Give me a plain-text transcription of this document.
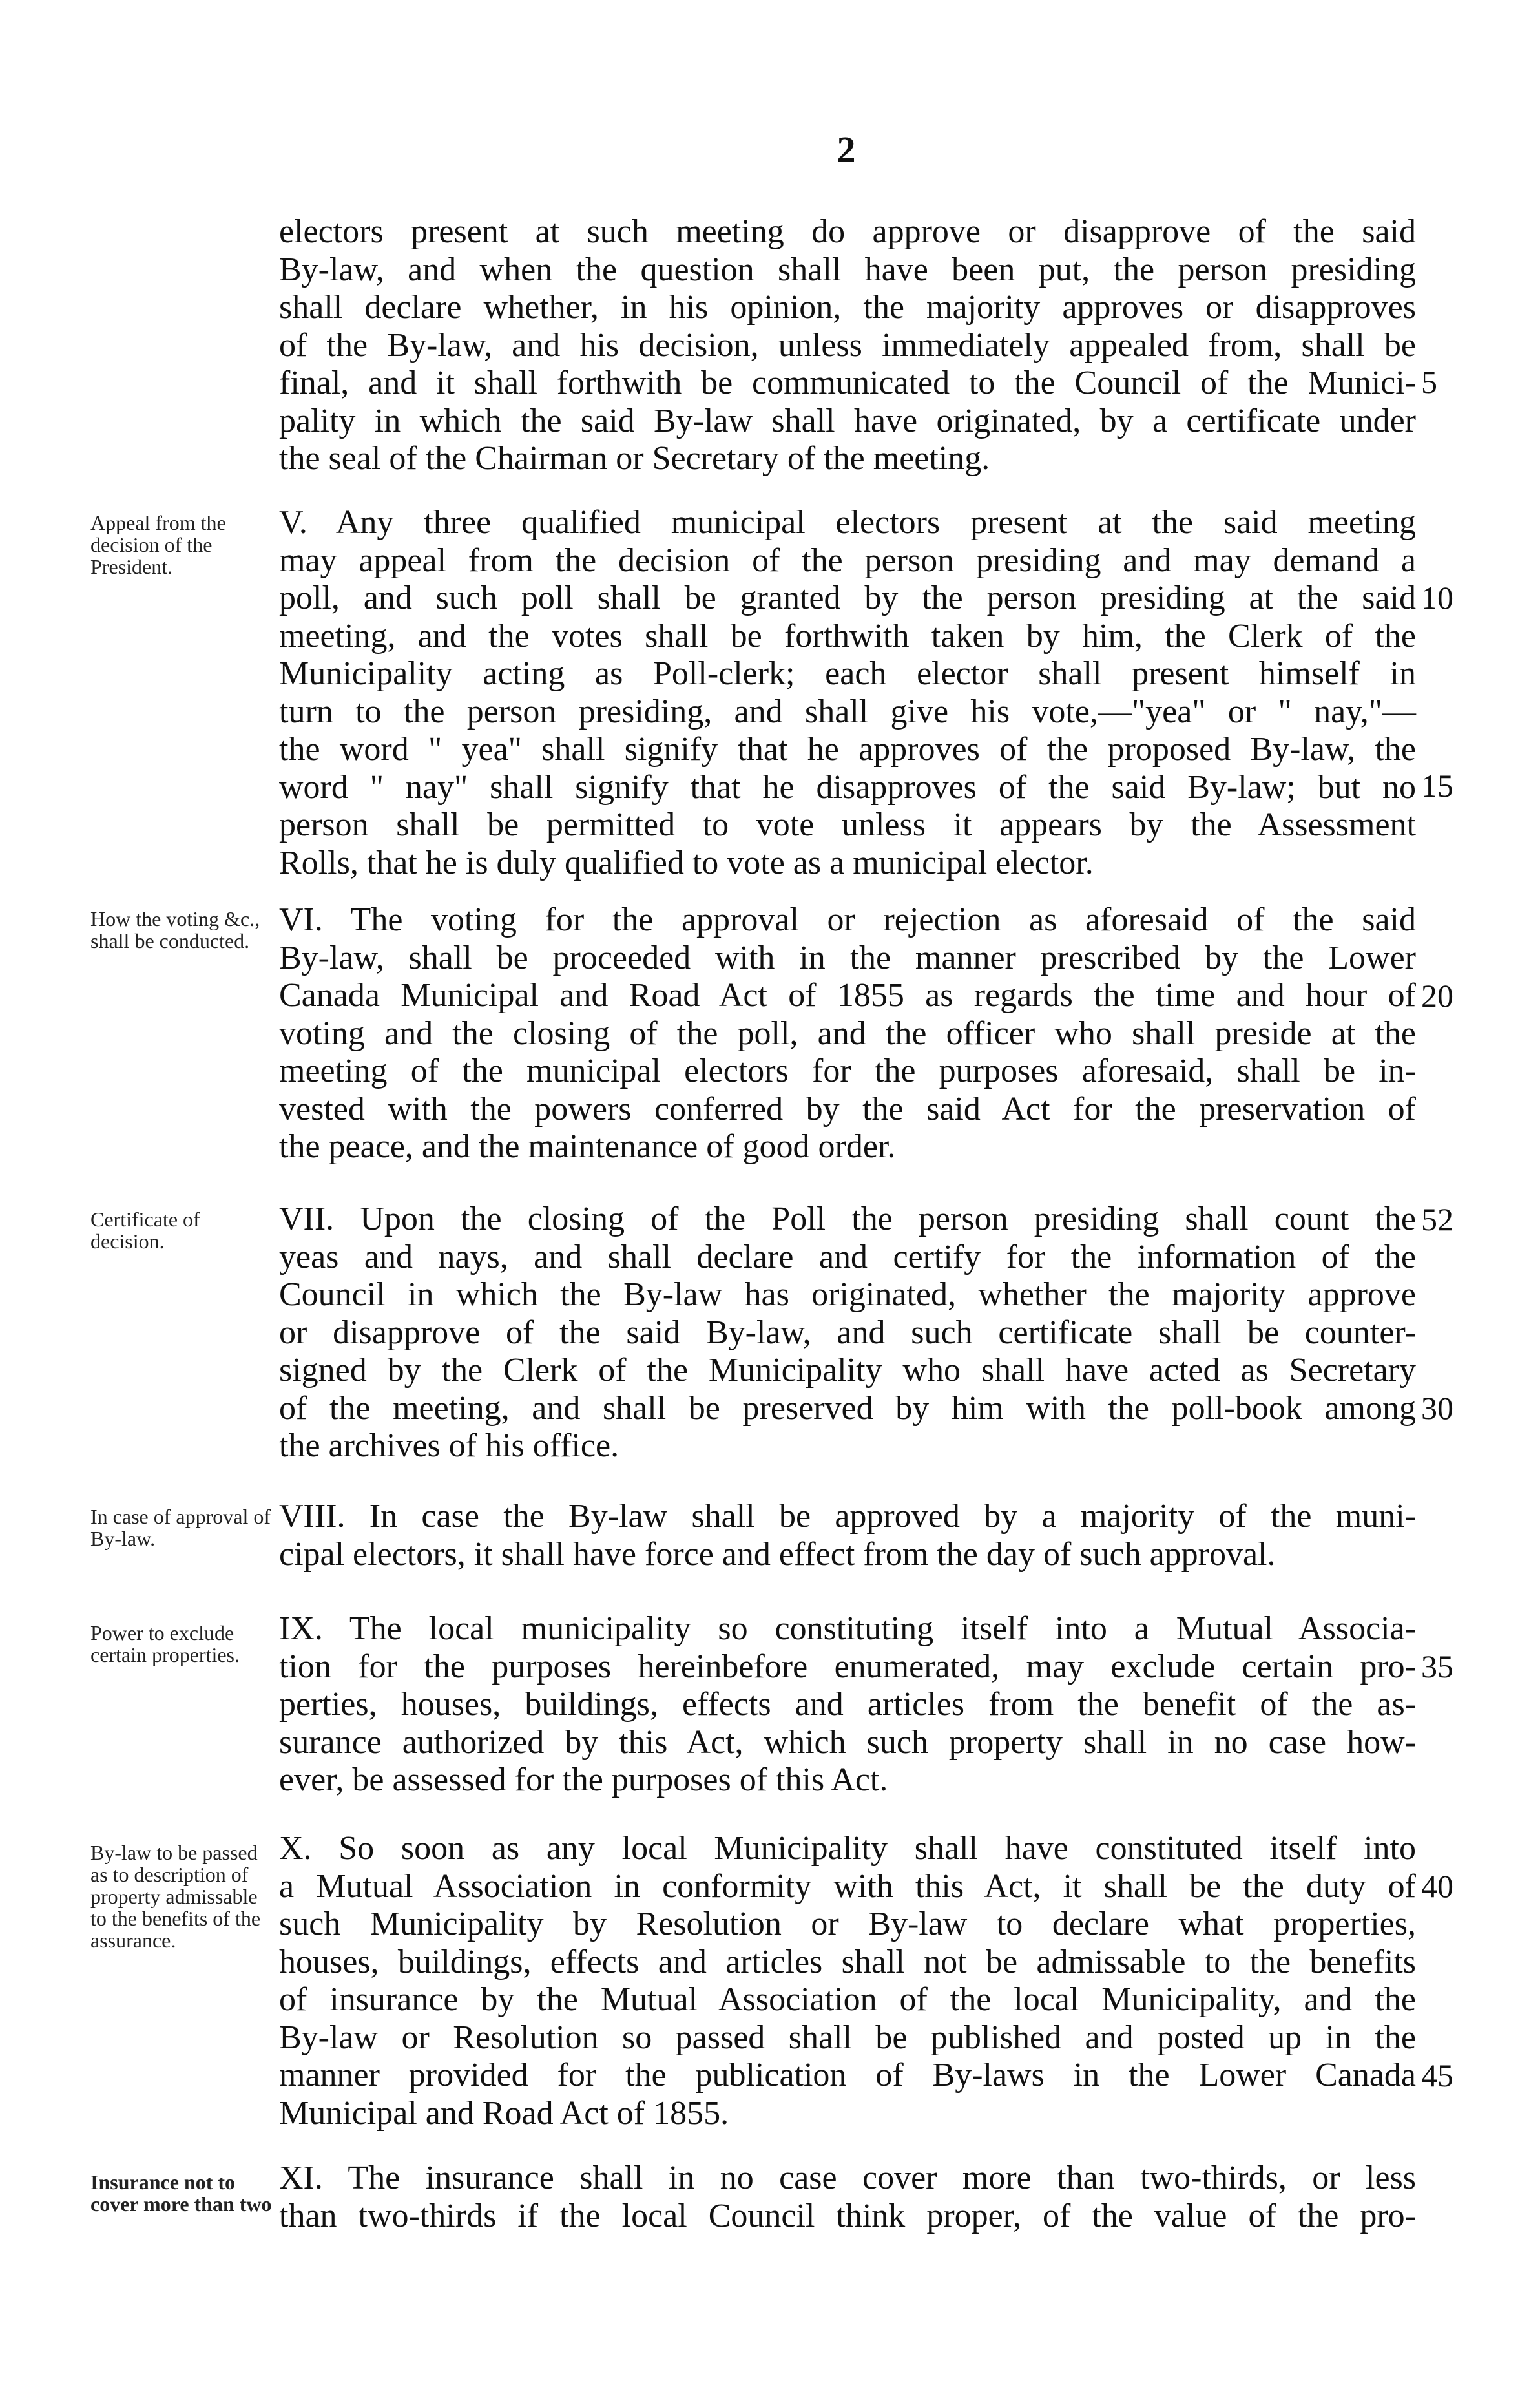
2
electors present at such meeting do approve or disapprove of the said
By-law, and when the question shall have been put, the person presiding
shall declare whether, in his opinion, the majority approves or disapproves
of the By-law, and his decision, unless immediately appealed from, shall be
final, and it shall forthwith be communicated to the Council of the Munici-
pality in which the said By-law shall have originated, by a certificate under
the seal of the Chairman or Secretary of the meeting.
Appeal from the decision of the President.
V. Any three qualified municipal electors present at the said meeting
may appeal from the decision of the person presiding and may demand a
poll, and such poll shall be granted by the person presiding at the said
meeting, and the votes shall be forthwith taken by him, the Clerk of the
Municipality acting as Poll-clerk; each elector shall present himself in
turn to the person presiding, and shall give his vote,—"yea" or " nay,"—
the word " yea" shall signify that he approves of the proposed By-law, the
word " nay" shall signify that he disapproves of the said By-law; but no
person shall be permitted to vote unless it appears by the Assessment
Rolls, that he is duly qualified to vote as a municipal elector.
How the voting &c., shall be conducted.
VI. The voting for the approval or rejection as aforesaid of the said
By-law, shall be proceeded with in the manner prescribed by the Lower
Canada Municipal and Road Act of 1855 as regards the time and hour of
voting and the closing of the poll, and the officer who shall preside at the
meeting of the municipal electors for the purposes aforesaid, shall be in-
vested with the powers conferred by the said Act for the preservation of
the peace, and the maintenance of good order.
Certificate of decision.
VII. Upon the closing of the Poll the person presiding shall count the
yeas and nays, and shall declare and certify for the information of the
Council in which the By-law has originated, whether the majority approve
or disapprove of the said By-law, and such certificate shall be counter-
signed by the Clerk of the Municipality who shall have acted as Secretary
of the meeting, and shall be preserved by him with the poll-book among
the archives of his office.
In case of approval of By-law.
VIII. In case the By-law shall be approved by a majority of the muni-
cipal electors, it shall have force and effect from the day of such approval.
Power to exclude certain properties.
IX. The local municipality so constituting itself into a Mutual Associa-
tion for the purposes hereinbefore enumerated, may exclude certain pro-
perties, houses, buildings, effects and articles from the benefit of the as-
surance authorized by this Act, which such property shall in no case how-
ever, be assessed for the purposes of this Act.
By-law to be passed as to description of property admissable to the benefits of the assurance.
X. So soon as any local Municipality shall have constituted itself into
a Mutual Association in conformity with this Act, it shall be the duty of
such Municipality by Resolution or By-law to declare what properties,
houses, buildings, effects and articles shall not be admissable to the benefits
of insurance by the Mutual Association of the local Municipality, and the
By-law or Resolution so passed shall be published and posted up in the
manner provided for the publication of By-laws in the Lower Canada
Municipal and Road Act of 1855.
Insurance not to cover more than two
XI. The insurance shall in no case cover more than two-thirds, or less
than two-thirds if the local Council think proper, of the value of the pro-
5
10
15
20
52
30
35
40
45
